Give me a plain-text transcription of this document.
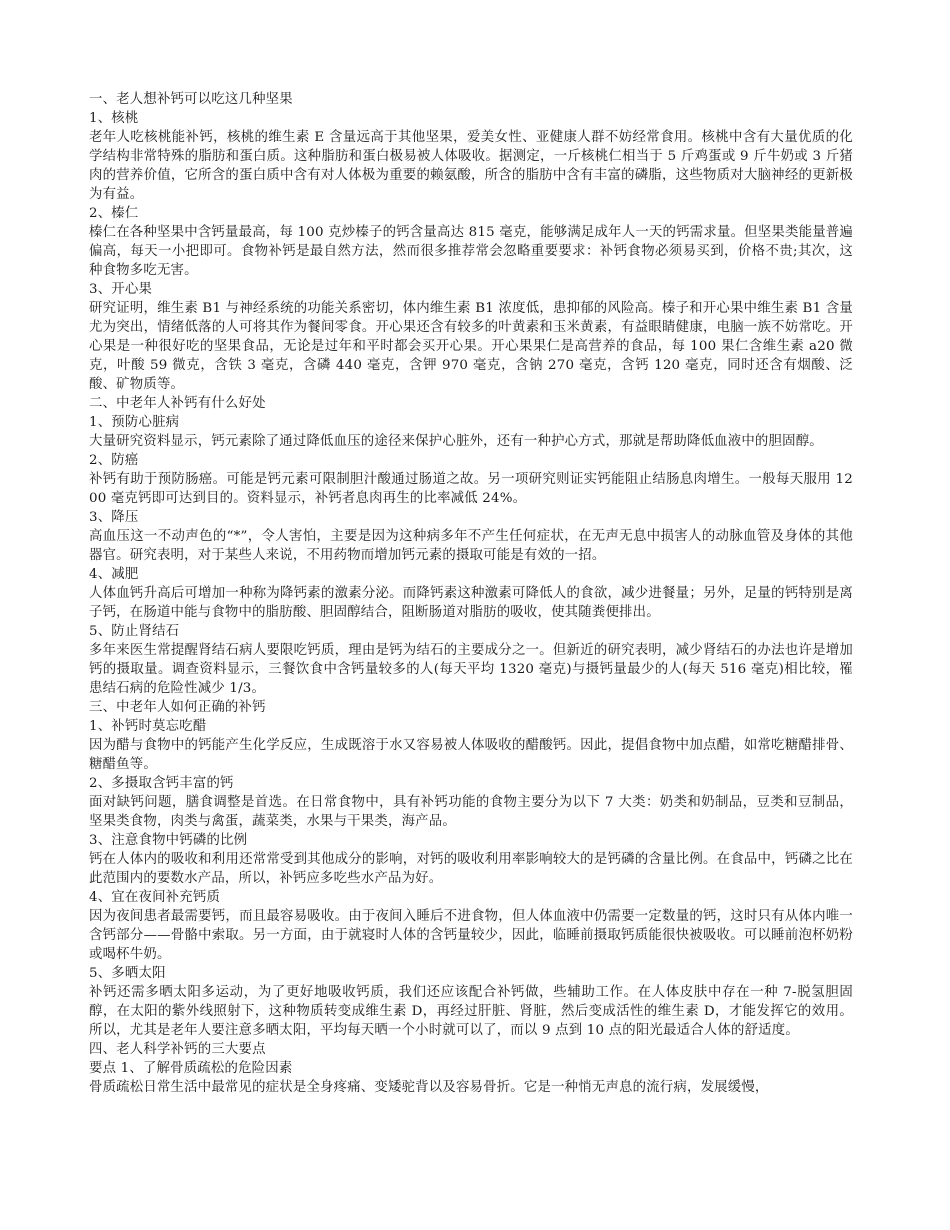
一、老人想补钙可以吃这几种坚果
1、核桃
老年人吃核桃能补钙，核桃的维生素 E 含量远高于其他坚果，爱美女性、亚健康人群不妨经常食用。核桃中含有大量优质的化学结构非常特殊的脂肪和蛋白质。这种脂肪和蛋白极易被人体吸收。据测定，一斤核桃仁相当于 5 斤鸡蛋或 9 斤牛奶或 3 斤猪肉的营养价值，它所含的蛋白质中含有对人体极为重要的赖氨酸，所含的脂肪中含有丰富的磷脂，这些物质对大脑神经的更新极为有益。
2、榛仁
榛仁在各种坚果中含钙量最高，每 100 克炒榛子的钙含量高达 815 毫克，能够满足成年人一天的钙需求量。但坚果类能量普遍偏高，每天一小把即可。食物补钙是最自然方法，然而很多推荐常会忽略重要要求：补钙食物必须易买到，价格不贵;其次，这种食物多吃无害。
3、开心果
研究证明，维生素 B1 与神经系统的功能关系密切，体内维生素 B1 浓度低，患抑郁的风险高。榛子和开心果中维生素 B1 含量尤为突出，情绪低落的人可将其作为餐间零食。开心果还含有较多的叶黄素和玉米黄素，有益眼睛健康，电脑一族不妨常吃。开心果是一种很好吃的坚果食品，无论是过年和平时都会买开心果。开心果果仁是高营养的食品，每 100 果仁含维生素 a20 微克，叶酸 59 微克，含铁 3 毫克，含磷 440 毫克，含钾 970 毫克，含钠 270 毫克，含钙 120 毫克，同时还含有烟酸、泛酸、矿物质等。
二、中老年人补钙有什么好处
1、预防心脏病
大量研究资料显示，钙元素除了通过降低血压的途径来保护心脏外，还有一种护心方式，那就是帮助降低血液中的胆固醇。
2、防癌
补钙有助于预防肠癌。可能是钙元素可限制胆汁酸通过肠道之故。另一项研究则证实钙能阻止结肠息肉增生。一般每天服用 1200 毫克钙即可达到目的。资料显示，补钙者息肉再生的比率减低 24%。
3、降压
高血压这一不动声色的“*”，令人害怕，主要是因为这种病多年不产生任何症状，在无声无息中损害人的动脉血管及身体的其他器官。研究表明，对于某些人来说，不用药物而增加钙元素的摄取可能是有效的一招。
4、减肥
人体血钙升高后可增加一种称为降钙素的激素分泌。而降钙素这种激素可降低人的食欲，减少进餐量；另外，足量的钙特别是离子钙，在肠道中能与食物中的脂肪酸、胆固醇结合，阻断肠道对脂肪的吸收，使其随粪便排出。
5、防止肾结石
多年来医生常提醒肾结石病人要限吃钙质，理由是钙为结石的主要成分之一。但新近的研究表明，减少肾结石的办法也许是增加钙的摄取量。调查资料显示，三餐饮食中含钙量较多的人(每天平均 1320 毫克)与摄钙量最少的人(每天 516 毫克)相比较，罹患结石病的危险性减少 1/3。
三、中老年人如何正确的补钙
1、补钙时莫忘吃醋
因为醋与食物中的钙能产生化学反应，生成既溶于水又容易被人体吸收的醋酸钙。因此，提倡食物中加点醋，如常吃糖醋排骨、糖醋鱼等。
2、多摄取含钙丰富的钙
面对缺钙问题，膳食调整是首选。在日常食物中，具有补钙功能的食物主要分为以下 7 大类：奶类和奶制品，豆类和豆制品，坚果类食物，肉类与禽蛋，蔬菜类，水果与干果类，海产品。
3、注意食物中钙磷的比例
钙在人体内的吸收和利用还常常受到其他成分的影响，对钙的吸收利用率影响较大的是钙磷的含量比例。在食品中，钙磷之比在此范围内的要数水产品，所以，补钙应多吃些水产品为好。
4、宜在夜间补充钙质
因为夜间患者最需要钙，而且最容易吸收。由于夜间入睡后不进食物，但人体血液中仍需要一定数量的钙，这时只有从体内唯一含钙部分——骨骼中索取。另一方面，由于就寝时人体的含钙量较少，因此，临睡前摄取钙质能很快被吸收。可以睡前泡杯奶粉或喝杯牛奶。
5、多晒太阳
补钙还需多晒太阳多运动，为了更好地吸收钙质，我们还应该配合补钙做，些辅助工作。在人体皮肤中存在一种 7-脱氢胆固醇，在太阳的紫外线照射下，这种物质转变成维生素 D，再经过肝脏、肾脏，然后变成活性的维生素 D，才能发挥它的效用。所以，尤其是老年人要注意多晒太阳，平均每天晒一个小时就可以了，而以 9 点到 10 点的阳光最适合人体的舒适度。
四、老人科学补钙的三大要点
要点 1、了解骨质疏松的危险因素
骨质疏松日常生活中最常见的症状是全身疼痛、变矮驼背以及容易骨折。它是一种悄无声息的流行病，发展缓慢，
